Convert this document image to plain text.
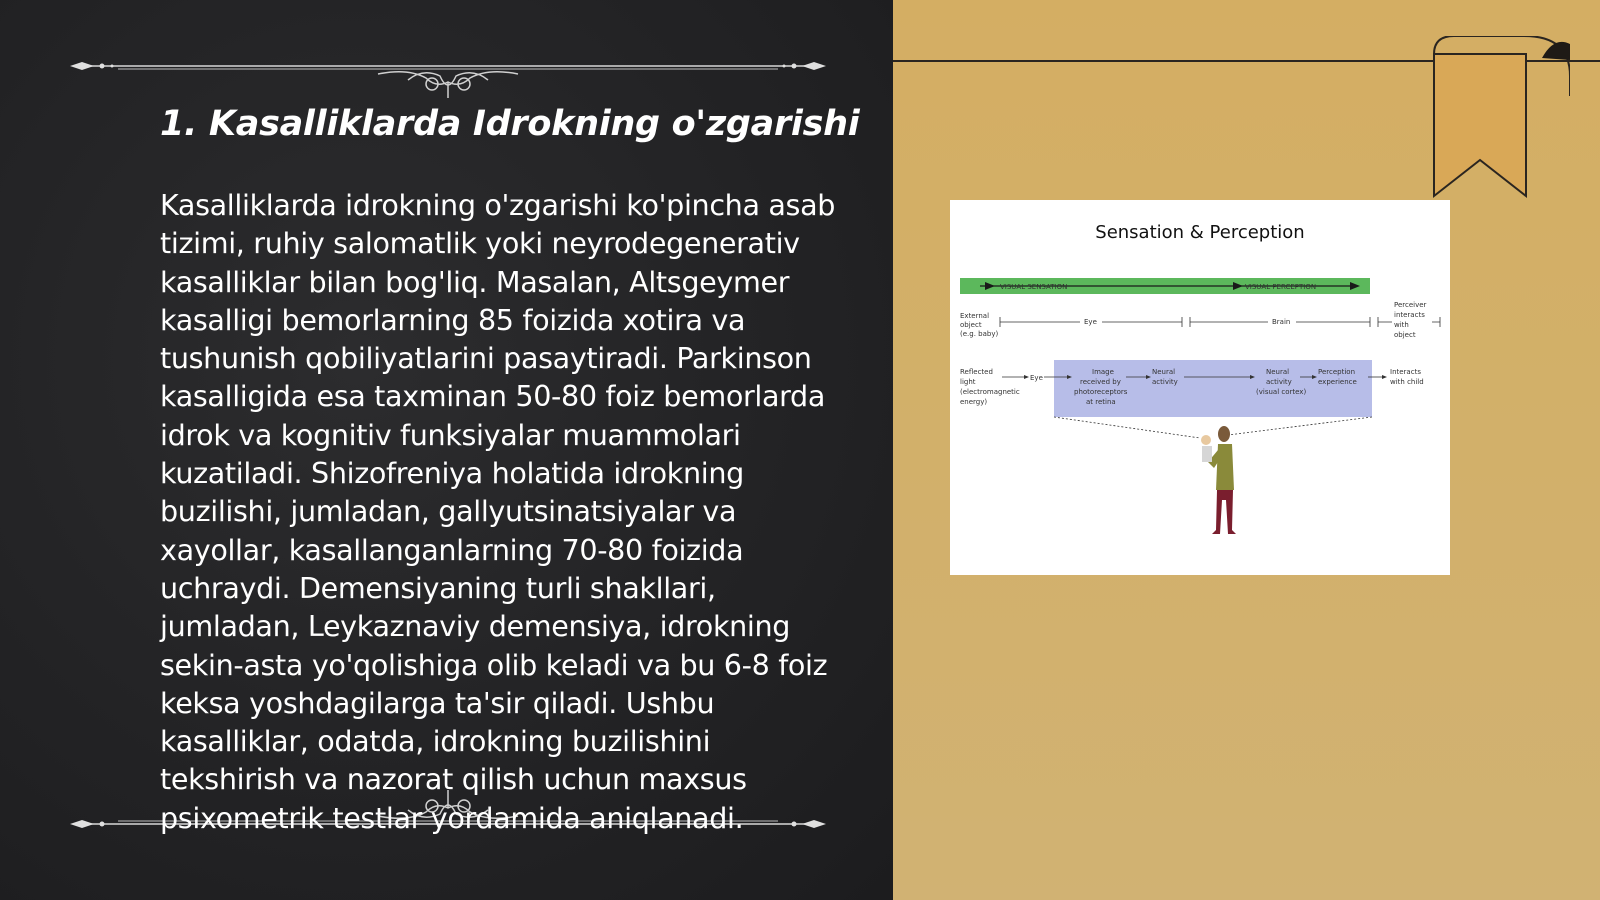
1. Kasalliklarda Idrokning o'zgarishi

Kasalliklarda idrokning o'zgarishi ko'pincha asab tizimi, ruhiy salomatlik yoki neyrodegenerativ kasalliklar bilan bog'liq. Masalan, Altsgeymer kasalligi bemorlarning 85 foizida xotira va tushunish qobiliyatlarini pasaytiradi. Parkinson kasalligida esa taxminan 50-80 foiz bemorlarda idrok va kognitiv funksiyalar muammolari kuzatiladi. Shizofreniya holatida idrokning buzilishi, jumladan, gallyutsinatsiyalar va xayollar, kasallanganlarning 70-80 foizida uchraydi. Demensiyaning turli shakllari, jumladan, Leykaznaviy demensiya, idrokning sekin-asta yo'qolishiga olib keladi va bu 6-8 foiz keksa yoshdagilarga ta'sir qiladi. Ushbu kasalliklar, odatda, idrokning buzilishini tekshirish va nazorat qilish uchun maxsus psixometrik testlar yordamida aniqlanadi.

Sensation & Perception
VISUAL SENSATION	VISUAL PERCEPTION
External
object
(e.g. baby)
Eye	Brain
Perceiver
interacts
with
object
Reflected
light
(electromagnetic
energy)
Eye
Image
received by
photoreceptors
at retina
Neural
activity
Neural
activity
(visual cortex)
Perception
experience
Interacts
with child
